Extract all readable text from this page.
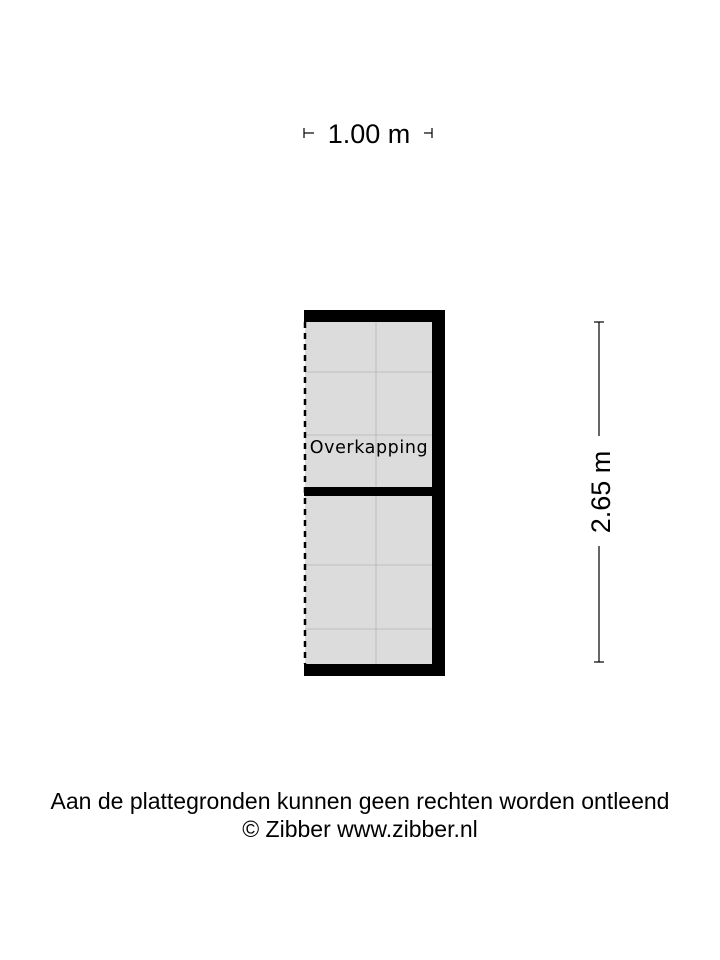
1.00 m
Overkapping
2.65 m
Aan de plattegronden kunnen geen rechten worden ontleend
© Zibber www.zibber.nl
